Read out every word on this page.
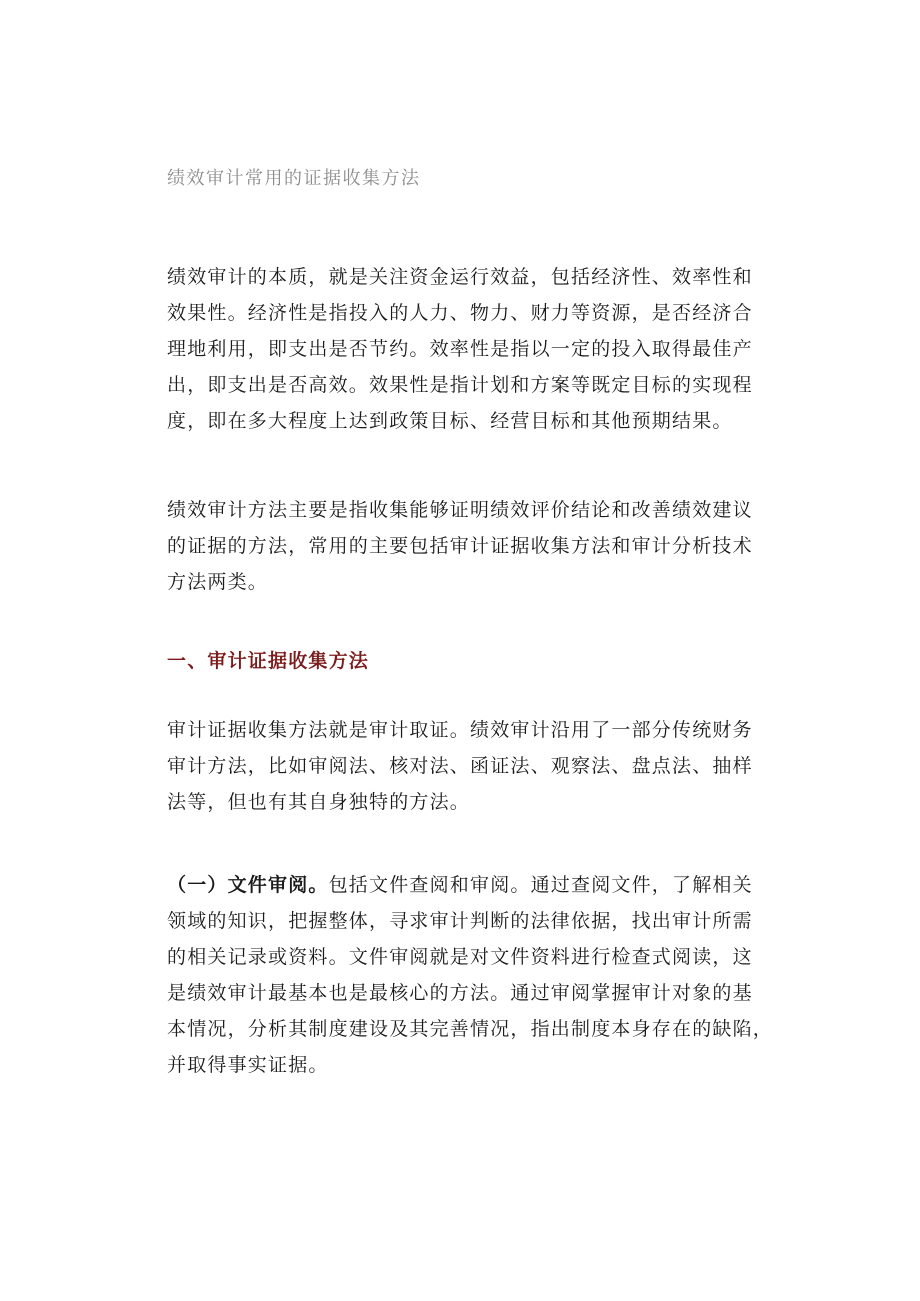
绩效审计常用的证据收集方法
绩效审计的本质，就是关注资金运行效益，包括经济性、效率性和
效果性。经济性是指投入的人力、物力、财力等资源，是否经济合
理地利用，即支出是否节约。效率性是指以一定的投入取得最佳产
出，即支出是否高效。效果性是指计划和方案等既定目标的实现程
度，即在多大程度上达到政策目标、经营目标和其他预期结果。
绩效审计方法主要是指收集能够证明绩效评价结论和改善绩效建议
的证据的方法，常用的主要包括审计证据收集方法和审计分析技术
方法两类。
一、审计证据收集方法
审计证据收集方法就是审计取证。绩效审计沿用了一部分传统财务
审计方法，比如审阅法、核对法、函证法、观察法、盘点法、抽样
法等，但也有其自身独特的方法。
（一）文件审阅。包括文件查阅和审阅。通过查阅文件，了解相关
领域的知识，把握整体，寻求审计判断的法律依据，找出审计所需
的相关记录或资料。文件审阅就是对文件资料进行检查式阅读，这
是绩效审计最基本也是最核心的方法。通过审阅掌握审计对象的基
本情况，分析其制度建设及其完善情况，指出制度本身存在的缺陷，
并取得事实证据。
